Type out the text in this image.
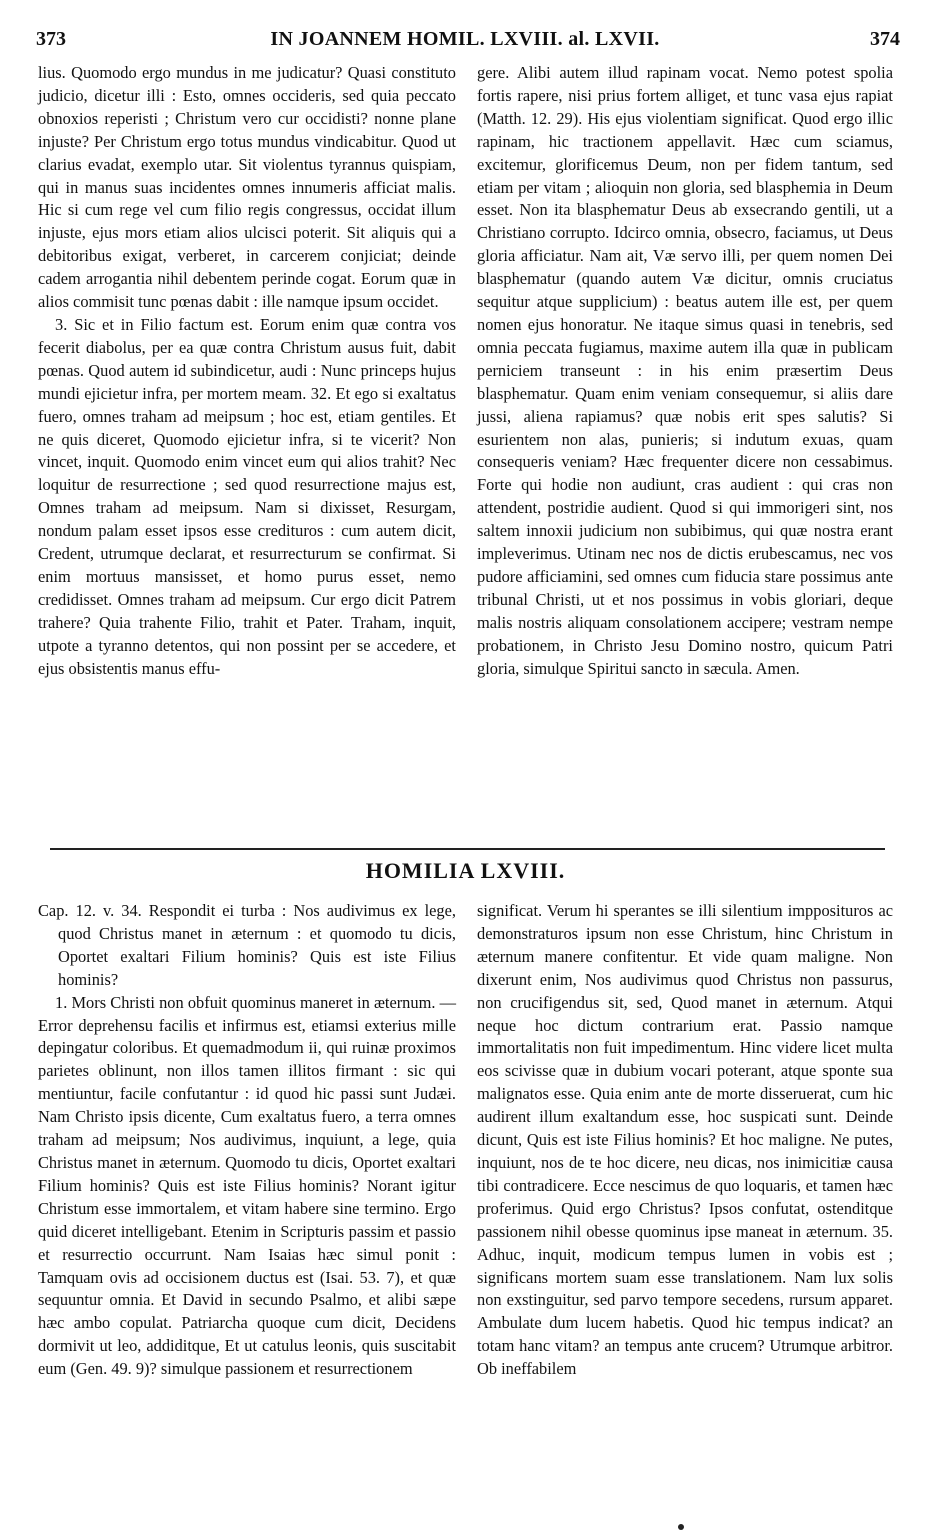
373	IN JOANNEM HOMIL. LXVIII. al. LXVII.	374

lius. Quomodo ergo mundus in me judicatur? Quasi constituto judicio, dicetur illi : Esto, omnes occideris, sed quia peccato obnoxios reperisti ; Christum vero cur occidisti? nonne plane injuste? Per Christum ergo totus mundus vindicabitur. Quod ut clarius evadat, exemplo utar. Sit violentus tyrannus quispiam, qui in manus suas incidentes omnes innumeris afficiat malis. Hic si cum rege vel cum filio regis congressus, occidat illum injuste, ejus mors etiam alios ulcisci poterit. Sit aliquis qui a debitoribus exigat, verberet, in carcerem conjiciat; deinde cadem arrogantia nihil debentem perinde cogat. Eorum quæ in alios commisit tunc pœnas dabit : ille namque ipsum occidet.

3. Sic et in Filio factum est. Eorum enim quæ contra vos fecerit diabolus, per ea quæ contra Christum ausus fuit, dabit pœnas. Quod autem id subindicetur, audi : Nunc princeps hujus mundi ejicietur infra, per mortem meam. 32. Et ego si exaltatus fuero, omnes traham ad meipsum ; hoc est, etiam gentiles. Et ne quis diceret, Quomodo ejicietur infra, si te vicerit? Non vincet, inquit. Quomodo enim vincet eum qui alios trahit? Nec loquitur de resurrectione ; sed quod resurrectione majus est, Omnes traham ad meipsum. Nam si dixisset, Resurgam, nondum palam esset ipsos esse credituros : cum autem dicit, Credent, utrumque declarat, et resurrecturum se confirmat. Si enim mortuus mansisset, et homo purus esset, nemo credidisset. Omnes traham ad meipsum. Cur ergo dicit Patrem trahere? Quia trahente Filio, trahit et Pater. Traham, inquit, utpote a tyranno detentos, qui non possint per se accedere, et ejus obsistentis manus effu-

gere. Alibi autem illud rapinam vocat. Nemo potest spolia fortis rapere, nisi prius fortem alliget, et tunc vasa ejus rapiat (Matth. 12. 29). His ejus violentiam significat. Quod ergo illic rapinam, hic tractionem appellavit. Hæc cum sciamus, excitemur, glorificemus Deum, non per fidem tantum, sed etiam per vitam ; alioquin non gloria, sed blasphemia in Deum esset. Non ita blasphematur Deus ab exsecrando gentili, ut a Christiano corrupto. Idcirco omnia, obsecro, faciamus, ut Deus gloria afficiatur. Nam ait, Væ servo illi, per quem nomen Dei blasphematur (quando autem Væ dicitur, omnis cruciatus sequitur atque supplicium) : beatus autem ille est, per quem nomen ejus honoratur. Ne itaque simus quasi in tenebris, sed omnia peccata fugiamus, maxime autem illa quæ in publicam perniciem transeunt : in his enim præsertim Deus blasphematur. Quam enim veniam consequemur, si aliis dare jussi, aliena rapiamus? quæ nobis erit spes salutis? Si esurientem non alas, punieris; si indutum exuas, quam consequeris veniam? Hæc frequenter dicere non cessabimus. Forte qui hodie non audiunt, cras audient : qui cras non attendent, postridie audient. Quod si qui immorigeri sint, nos saltem innoxii judicium non subibimus, qui quæ nostra erant impleverimus. Utinam nec nos de dictis erubescamus, nec vos pudore afficiamini, sed omnes cum fiducia stare possimus ante tribunal Christi, ut et nos possimus in vobis gloriari, deque malis nostris aliquam consolationem accipere; vestram nempe probationem, in Christo Jesu Domino nostro, quicum Patri gloria, simulque Spiritui sancto in sæcula. Amen.

HOMILIA LXVIII.

Cap. 12. v. 34. Respondit ei turba : Nos audivimus ex lege, quod Christus manet in æternum : et quomodo tu dicis, Oportet exaltari Filium hominis? Quis est iste Filius hominis?

1. Mors Christi non obfuit quominus maneret in æternum. — Error deprehensu facilis et infirmus est, etiamsi exterius mille depingatur coloribus. Et quemadmodum ii, qui ruinæ proximos parietes oblinunt, non illos tamen illitos firmant : sic qui mentiuntur, facile confutantur : id quod hic passi sunt Judæi. Nam Christo ipsis dicente, Cum exaltatus fuero, a terra omnes traham ad meipsum; Nos audivimus, inquiunt, a lege, quia Christus manet in æternum. Quomodo tu dicis, Oportet exaltari Filium hominis? Quis est iste Filius hominis? Norant igitur Christum esse immortalem, et vitam habere sine termino. Ergo quid diceret intelligebant. Etenim in Scripturis passim et passio et resurrectio occurrunt. Nam Isaias hæc simul ponit : Tamquam ovis ad occisionem ductus est (Isai. 53. 7), et quæ sequuntur omnia. Et David in secundo Psalmo, et alibi sæpe hæc ambo copulat. Patriarcha quoque cum dicit, Decidens dormivit ut leo, addiditque, Et ut catulus leonis, quis suscitabit eum (Gen. 49. 9)? simulque passionem et resurrectionem

significat. Verum hi sperantes se illi silentium impposituros ac demonstraturos ipsum non esse Christum, hinc Christum in æternum manere confitentur. Et vide quam maligne. Non dixerunt enim, Nos audivimus quod Christus non passurus, non crucifigendus sit, sed, Quod manet in æternum. Atqui neque hoc dictum contrarium erat. Passio namque immortalitatis non fuit impedimentum. Hinc videre licet multa eos scivisse quæ in dubium vocari poterant, atque sponte sua malignatos esse. Quia enim ante de morte disseruerat, cum hic audirent illum exaltandum esse, hoc suspicati sunt. Deinde dicunt, Quis est iste Filius hominis? Et hoc maligne. Ne putes, inquiunt, nos de te hoc dicere, neu dicas, nos inimicitiæ causa tibi contradicere. Ecce nescimus de quo loquaris, et tamen hæc proferimus. Quid ergo Christus? Ipsos confutat, ostenditque passionem nihil obesse quominus ipse maneat in æternum. 35. Adhuc, inquit, modicum tempus lumen in vobis est ; significans mortem suam esse translationem. Nam lux solis non exstinguitur, sed parvo tempore secedens, rursum apparet. Ambulate dum lucem habetis. Quod hic tempus indicat? an totam hanc vitam? an tempus ante crucem? Utrumque arbitror. Ob ineffabilem
